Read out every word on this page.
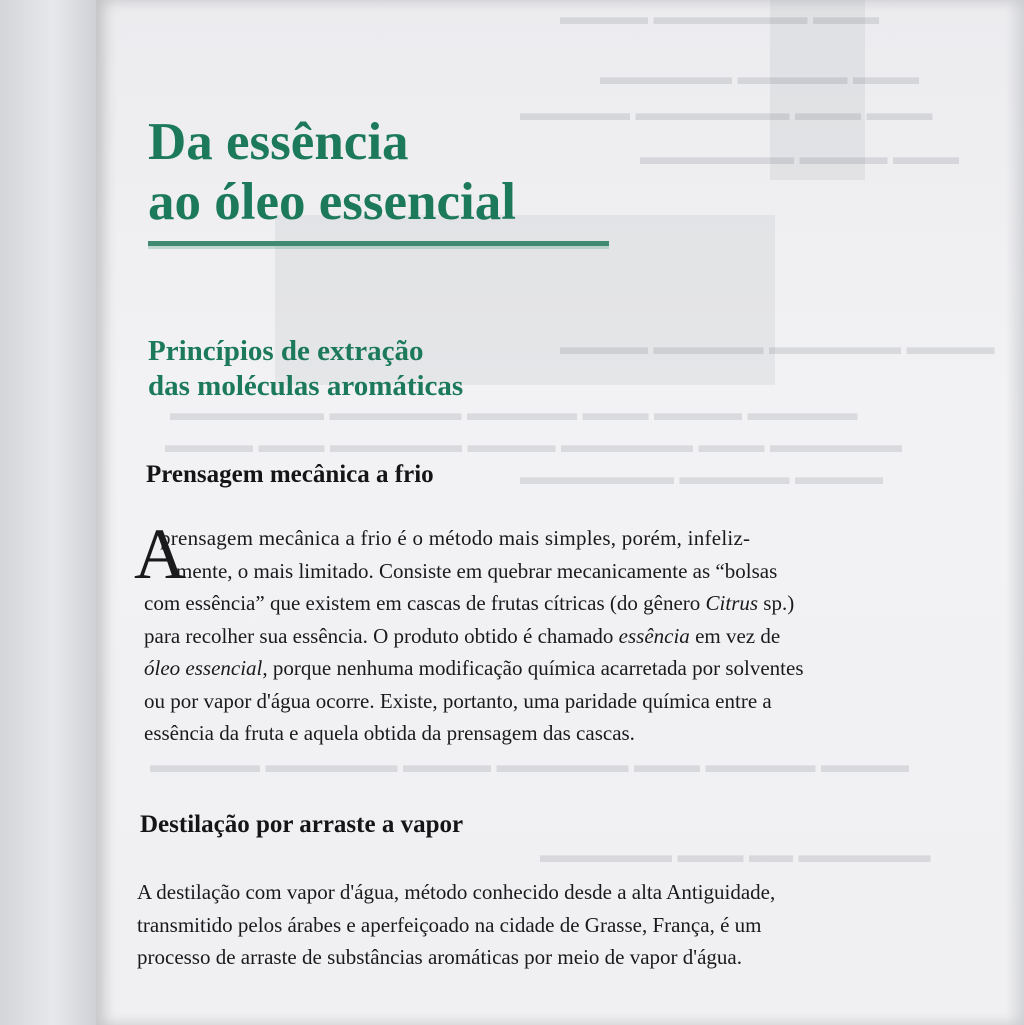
▬▬▬▬ ▬▬▬▬▬▬▬ ▬▬▬
▬▬▬▬▬▬ ▬▬▬▬▬ ▬▬▬
▬▬▬▬▬ ▬▬▬▬▬▬▬ ▬▬▬ ▬▬▬
▬▬▬▬▬▬▬ ▬▬▬▬ ▬▬▬
▬▬▬▬ ▬▬▬▬▬ ▬▬▬▬▬▬ ▬▬▬▬
▬▬▬▬▬▬▬ ▬▬▬▬▬▬ ▬▬▬▬▬ ▬▬▬ ▬▬▬▬ ▬▬▬▬▬
▬▬▬▬ ▬▬▬ ▬▬▬▬▬▬ ▬▬▬▬ ▬▬▬▬▬▬ ▬▬▬ ▬▬▬▬▬▬
▬▬▬▬▬▬▬ ▬▬▬▬▬ ▬▬▬▬
▬▬▬▬▬ ▬▬▬▬▬▬ ▬▬▬▬ ▬▬▬▬▬▬ ▬▬▬ ▬▬▬▬▬ ▬▬▬▬
▬▬▬▬▬▬ ▬▬▬ ▬▬ ▬▬▬▬▬▬
Da essência
ao óleo essencial
Princípios de extração
das moléculas aromáticas
Prensagem mecânica a frio
A
prensagem mecânica a frio é o método mais simples, porém, infeliz-
mente, o mais limitado. Consiste em quebrar mecanicamente as “bolsas
com essência” que existem em cascas de frutas cítricas (do gênero Citrus sp.)
para recolher sua essência. O produto obtido é chamado essência em vez de
óleo essencial, porque nenhuma modificação química acarretada por solventes
ou por vapor d'água ocorre. Existe, portanto, uma paridade química entre a
essência da fruta e aquela obtida da prensagem das cascas.
Destilação por arraste a vapor
A destilação com vapor d'água, método conhecido desde a alta Antiguidade,
transmitido pelos árabes e aperfeiçoado na cidade de Grasse, França, é um
processo de arraste de substâncias aromáticas por meio de vapor d'água.
